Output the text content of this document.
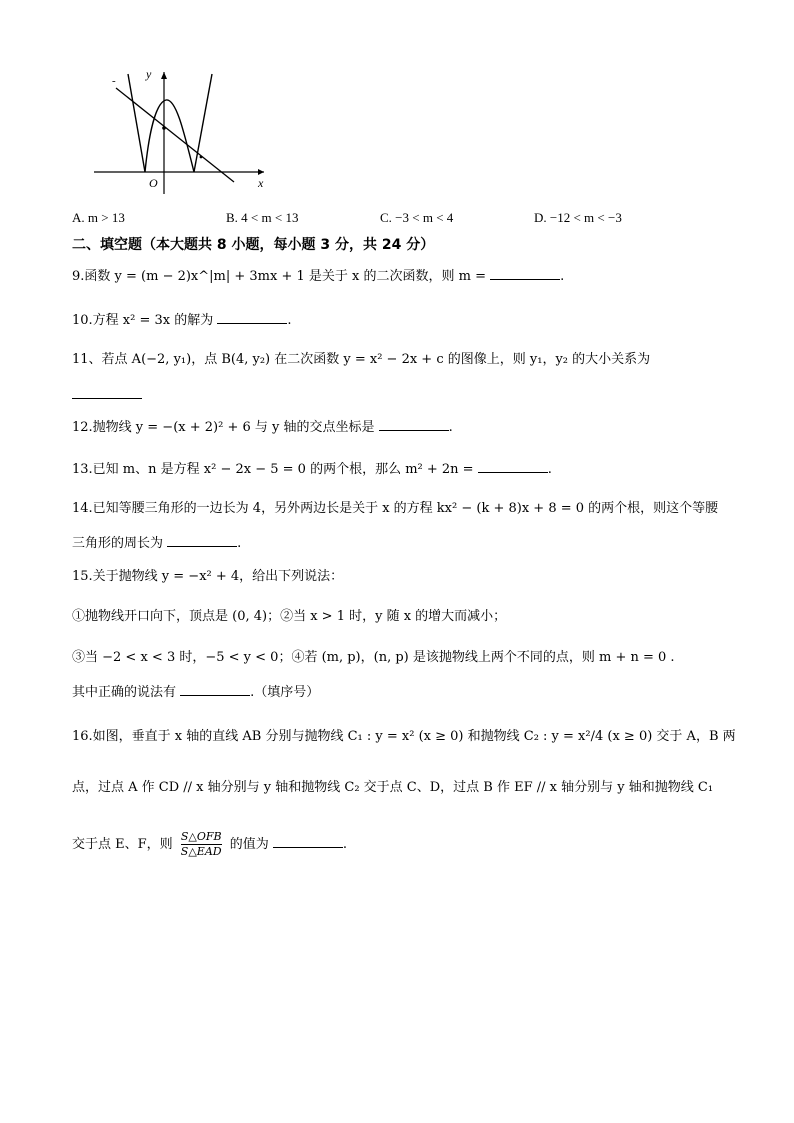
y
x
O
-
A. m > 13	B. 4 < m < 13	C. −3 < m < 4	D. −12 < m < −3
二、填空题（本大题共 8 小题，每小题 3 分，共 24 分）
9.函数 y = (m − 2)x^|m| + 3mx + 1 是关于 x 的二次函数，则 m =	.
10.方程 x² = 3x 的解为	.
11、若点 A(−2, y₁)，点 B(4, y₂) 在二次函数 y = x² − 2x + c 的图像上，则 y₁，y₂ 的大小关系为
12.抛物线 y = −(x + 2)² + 6 与 y 轴的交点坐标是	.
13.已知 m、n 是方程 x² − 2x − 5 = 0 的两个根，那么 m² + 2n =	.
14.已知等腰三角形的一边长为 4，另外两边长是关于 x 的方程 kx² − (k + 8)x + 8 = 0 的两个根，则这个等腰
三角形的周长为	.
15.关于抛物线 y = −x² + 4，给出下列说法：
①抛物线开口向下，顶点是 (0, 4)；②当 x > 1 时，y 随 x 的增大而减小；
③当 −2 < x < 3 时，−5 < y < 0；④若 (m, p)，(n, p) 是该抛物线上两个不同的点，则 m + n = 0 .
其中正确的说法有	.（填序号）
16.如图，垂直于 x 轴的直线 AB 分别与抛物线 C₁ : y = x² (x ≥ 0) 和抛物线 C₂ : y = x²/4 (x ≥ 0) 交于 A，B 两
点，过点 A 作 CD // x 轴分别与 y 轴和抛物线 C₂ 交于点 C、D，过点 B 作 EF // x 轴分别与 y 轴和抛物线 C₁
交于点 E、F，则
S△OFB
S△EAD 的值为	.
